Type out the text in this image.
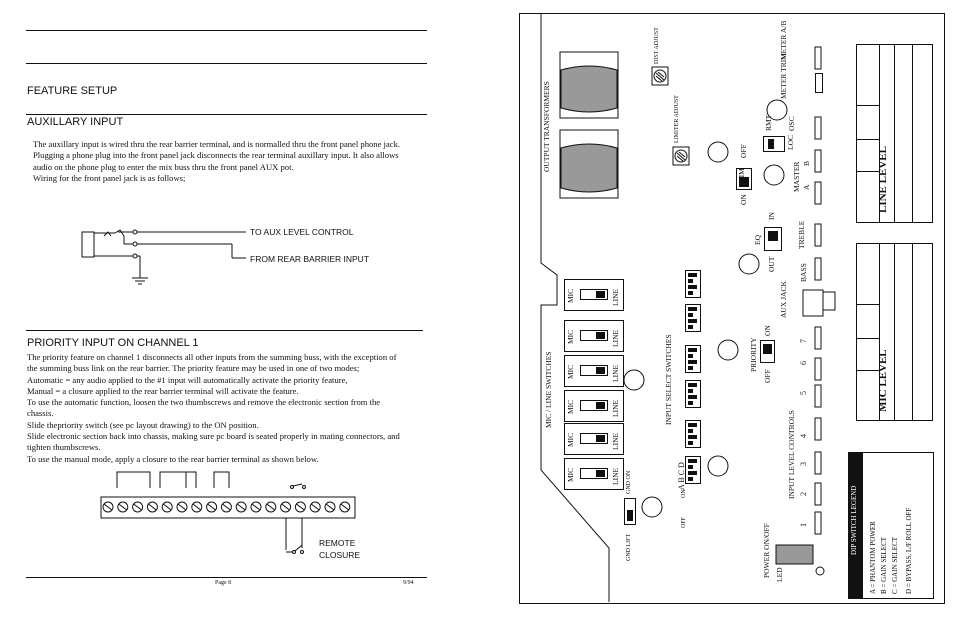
FEATURE SETUP
AUXILLARY INPUT

The auxillary input is wired thru the rear barrier terminal, and is normalled thru the front panel phone jack.

Plugging a phone plug into the front panel jack disconnects the rear terminal auxillary input. It also allows

audio on the phone plug to enter the mix buss thru the front panel AUX pot.

Wiring for the front panel jack is as follows;

TO AUX LEVEL CONTROL
FROM REAR BARRIER INPUT
PRIORITY INPUT ON CHANNEL 1

The priority feature on channel 1 disconnects all other inputs from the summing buss, with the exception of

the summing buss link on the rear barrier. The priority feature may be used in one of two modes;

Automatic = any audio applied to the #1 input will automatically activate the priority feature,

Manual = a closure applied to the rear barrier terminal will activate the feature.

To use the automatic function, loosen the two thumbscrews and remove the electronic section from the

chassis.

Slide thepriority switch (see pc layout drawing) to the ON position.

Slide electronic section back into chassis, making sure pc board is seated properly in mating connectors, and

tighten thumbscrews.

To use the manual mode, apply a closure to the rear barrier terminal as shown below.

REMOTE
CLOSURE
Page 8	9/94
OUTPUT TRANSFORMERS
MIC / LINE SWITCHES
MIC	LINE
MIC	LINE
MIC	LINE
MIC	LINE
MIC	LINE
MIC	LINE
INPUT SELECT SWITCHES
A B C D
ON
OFF
GND ON
GND LIFT
DIST ADJUST
LIMITER ADJUST
LIM
ON
OFF
RMT
LOC
EQ
IN
OUT
PRIORITY
ON
OFF
METER A/B

METER TRIM
OSC
MASTER A
B
TREBLE
BASS
AUX JACK
INPUT LEVEL CONTROLS
1
2
3
4
5
6
7
POWER ON/OFF LED
LINE LEVEL
MIC LEVEL
DIP SWITCH LEGEND
A = PHANTOM POWER B = GAIN SELECT C = GAIN SELECT D = BYPASS, L/F ROLL OFF
